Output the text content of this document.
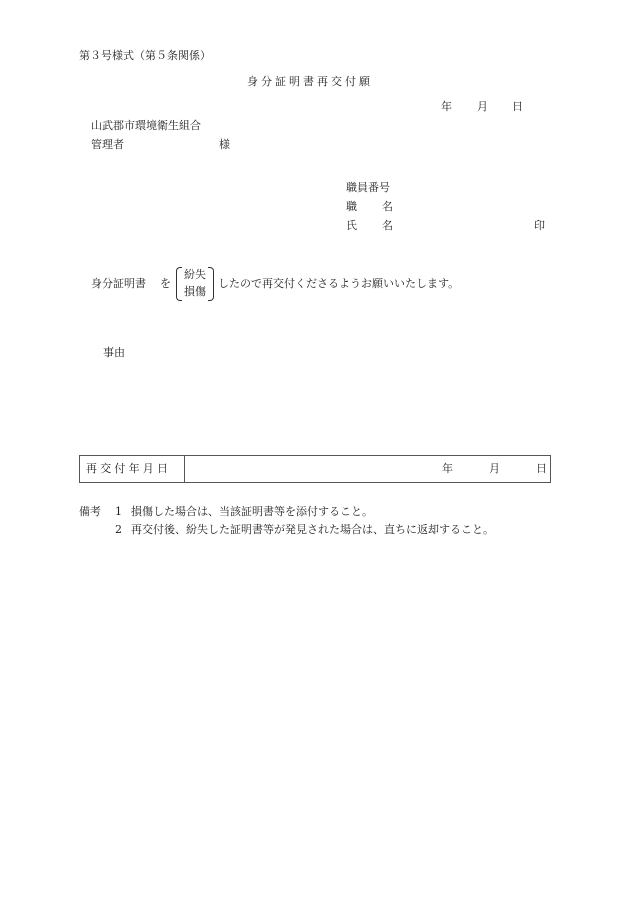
第３号様式（第５条関係）
身分証明書再交付願
年 月 日
山武郡市環境衛生組合
管理者	様
職員番号
職 名
氏 名	印
身分証明書 を
紛失
損傷
したので再交付くださるようお願いいたします。
事由
再交付年月日	年	月	日
備考 1 損傷した場合は、当該証明書等を添付すること。
2 再交付後、紛失した証明書等が発見された場合は、直ちに返却すること。
